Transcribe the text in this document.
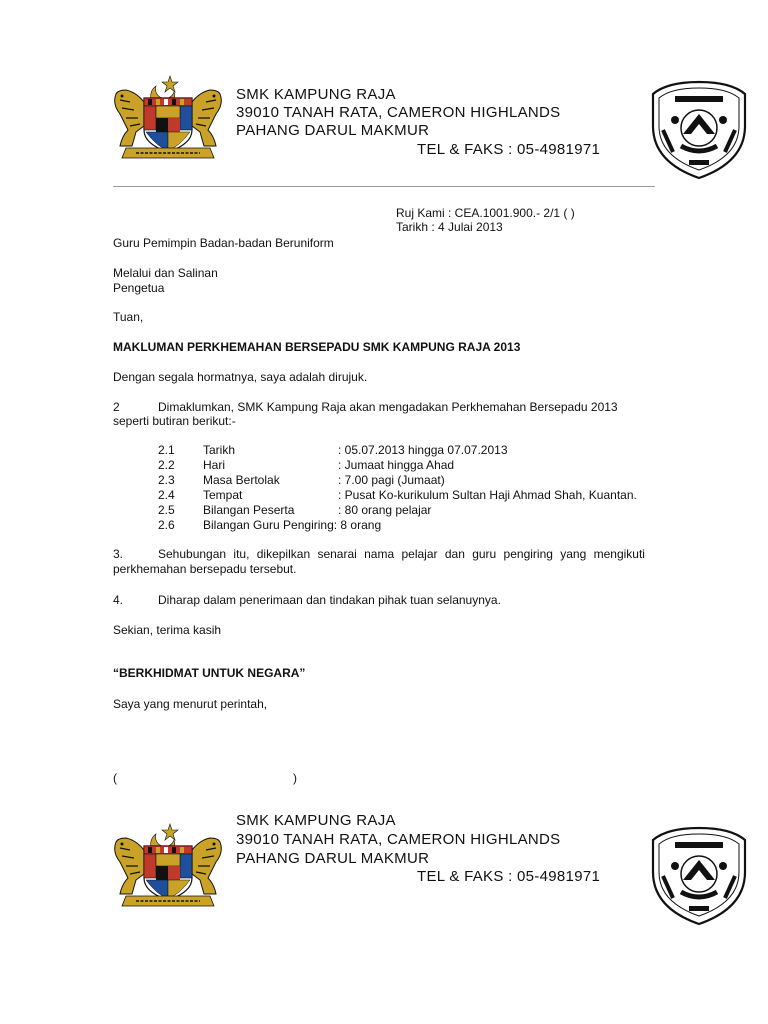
SMK KAMPUNG RAJA
39010 TANAH RATA, CAMERON HIGHLANDS
PAHANG DARUL MAKMUR
TEL & FAKS : 05-4981971
Ruj Kami : CEA.1001.900.- 2/1 ( )
Tarikh : 4 Julai 2013
Guru Pemimpin Badan-badan Beruniform
Melalui dan Salinan
Pengetua
Tuan,
MAKLUMAN PERKHEMAHAN BERSEPADU SMK KAMPUNG RAJA 2013
Dengan segala hormatnya, saya adalah dirujuk.
2	Dimaklumkan, SMK Kampung Raja akan mengadakan Perkhemahan Bersepadu 2013
seperti butiran berikut:-
2.1 Tarikh	: 05.07.2013 hingga 07.07.2013
2.2 Hari	: Jumaat hingga Ahad
2.3 Masa Bertolak	: 7.00 pagi (Jumaat)
2.4 Tempat	: Pusat Ko-kurikulum Sultan Haji Ahmad Shah, Kuantan.
2.5 Bilangan Peserta	: 80 orang pelajar
2.6 Bilangan Guru Pengiring: 8 orang
3.	Sehubungan itu, dikepilkan senarai nama pelajar dan guru pengiring yang mengikuti
perkhemahan bersepadu tersebut.
4.	Diharap dalam penerimaan dan tindakan pihak tuan selanuynya.
Sekian, terima kasih
“BERKHIDMAT UNTUK NEGARA”
Saya yang menurut perintah,
(	)
SMK KAMPUNG RAJA
39010 TANAH RATA, CAMERON HIGHLANDS
PAHANG DARUL MAKMUR
TEL & FAKS : 05-4981971
